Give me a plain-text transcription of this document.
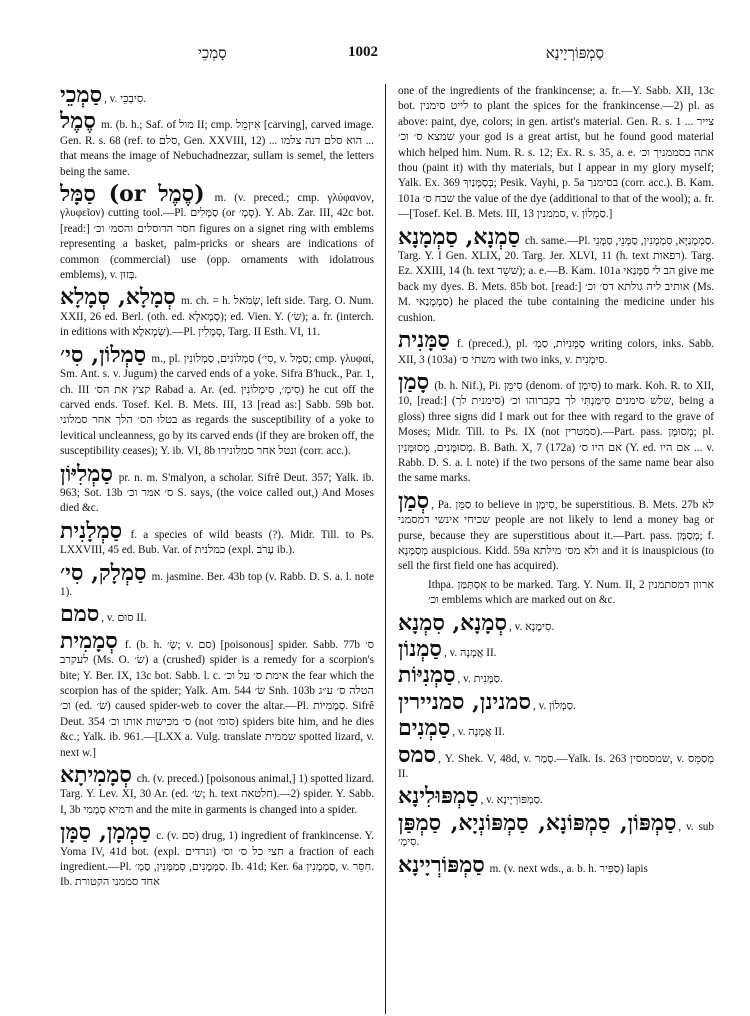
סָמְכֵי	1002	סַמְפּוֹרְיָינָא

סַמְכֵי , v. סִיבְכֵי.

סֶמֶל m. (b. h.; Saf. of מול II; cmp. אִיזְמֵל [carving], carved image. Gen. R. s. 68 (ref. to סלם, Gen. XXVIII, 12) ... הוא סלם דנה צלמו ... that means the image of Nebuchadnezzar, sullam is semel, the letters being the same.

סַמָּל (or סֶמֶל) m. (v. preced.; cmp. γλύφανον, γλυφεῖον) cutting tool.—Pl. סַמָּלִים (or סְמָ׳). Y. Ab. Zar. III, 42c bot. [read:] חסר הדוסלים והסמ׳ וכ׳ figures on a signet ring with emblems representing a basket, palm-pricks or shears are indications of common (commercial) use (opp. ornaments with idolatrous emblems), v. בְּזוּן.

סְמָלָא, סְמָלָא m. ch. = h. שְׂמֹאל, left side. Targ. O. Num. XXII, 26 ed. Berl. (oth. ed. סְמָאלָא); ed. Vien. Y. (שׂ׳); a. fr. (interch. in editions with שְׂמָאלָא).—Pl. סְמָלִין, Targ. II Esth. VI, 11.

סַמְלוֹן, סִי׳ m., pl. סַמְלוֹנִים, סַמְלוֹנִין (סִי׳, v. סַמָּל; cmp. γλυφαί, Sm. Ant. s. v. Jugum) the carved ends of a yoke. Sifra B'huck., Par. 1, ch. III קצץ את הס׳ Rabad a. Ar. (ed. סִימְ׳, סִימְלוֹנִין) he cut off the carved ends. Tosef. Kel. B. Mets. III, 13 [read as:] Sabb. 59b bot. בטלו הס׳ הלך אחר סמלוני as regards the susceptibility of a yoke to levitical uncleanness, go by its carved ends (if they are broken off, the susceptibility ceases); Y. ib. VI, 8b ונטל אחר סמלונירו (corr. acc.).

סַמְלִיּוֹן pr. n. m. S'malyon, a scholar. Sifrê Deut. 357; Yalk. ib. 963; Sot. 13b ס׳ אמר וכ׳ S. says, (the voice called out,) And Moses died &c.

סַמְלָנִית f. a species of wild beasts (?). Midr. Till. to Ps. LXXVIII, 45 ed. Bub. Var. of כמלנית (expl. עָרֹב ib.).

סַמְלָק, סִי׳ m. jasmine. Ber. 43b top (v. Rabb. D. S. a. l. note 1).

סמם , v. סוּם II.

סְמָמִית f. (b. h. שְׂ׳; v. סם) [poisonous] spider. Sabb. 77b ס׳ לעקרב (Ms. O. שׂ׳) a (crushed) spider is a remedy for a scorpion's bite; Y. Ber. IX, 13c bot. Sabb. l. c. אימת ס׳ על וכ׳ the fear which the scorpion has of the spider; Yalk. Am. 544 שׂ׳ Snh. 103b הטלה ס׳ ע״ג וכ׳ (ed. שׂ׳) caused spider-web to cover the altar.—Pl. סְמָמִיּוֹת. Sifrê Deut. 354 ס׳ מכישות אותו וכ׳ (not סומ׳) spiders bite him, and he dies &c.; Yalk. ib. 961.—[LXX a. Vulg. translate שממית spotted lizard, v. next w.]

סְמָמִיתָא ch. (v. preced.) [poisonous animal,] 1) spotted lizard. Targ. Y. Lev. XI, 30 Ar. (ed. שׂ׳; h. text חלטאה).—2) spider. Y. Sabb. I, 3b ודמיא סְמָמִי and the mite in garments is changed into a spider.

סַמְמָן, סַמָּן c. (v. סם) drug, 1) ingredient of frankincense. Y. Yoma IV, 41d bot. (expl. ונרדים) חצי כל ס׳ וס׳ a fraction of each ingredient.—Pl. סַמְמָנִים, סְמַמָּנִין, סַמְ׳. Ib. 41d; Ker. 6a סַמְמָנִין, v. חִסֵּר. Ib. אחד סממני הקטורת

one of the ingredients of the frankincense; a. fr.—Y. Sabb. XII, 13c bot. לייט סימנין to plant the spices for the frankincense.—2) pl. as above: paint, dye, colors; in gen. artist's material. Gen. R. s. 1 צייר ... שמצא ס׳ וכ׳ your god is a great artist, but he found good material which helped him. Num. R. s. 12; Ex. R. s. 35, a. e. אתה בסממניך וכ׳ thou (paint it) with thy materials, but I appear in my glory myself; Yalk. Ex. 369 בְּסַמָּנַיִךְ; Pesik. Vayhi, p. 5a בסימנך (corr. acc.). B. Kam. 101a שבח ס׳ the value of the dye (additional to that of the wool); a. fr.—[Tosef. Kel. B. Mets. III, 13 סממנין, v. סַמְלוֹן.]

סַמְנָא, סַמְמָנָא ch. same.—Pl. סַמְמָנַיָּא, סַמְמָנִין, סַמָּנֵי, סַמָּנֵי. Targ. Y. I Gen. XLIX, 20. Targ. Jer. XLVI, 11 (h. text רפאות). Targ. Ez. XXIII, 14 (h. text שׁשֵׁר); a. e.—B. Kam. 101a הב לי סַמָּנַאי give me back my dyes. B. Mets. 85b bot. [read:] אותיב ליה גולתא דס׳ וכ׳ (Ms. M. סַמְמָנַאי) he placed the tube containing the medicine under his cushion.

סַמָּנִית f. (preced.), pl. סַמָּנִיּוֹת, סַמְ׳ writing colors, inks. Sabb. XII, 3 (103a) משתי ס׳ with two inks, v. סִימָנִית.

סָמַן (b. h. Nif.), Pi. סִימֵּן (denom. of סִימָן) to mark. Koh. R. to XII, 10, [read:] שלש סימנים סִימַּנְתִּי לך בקברוהו וכ׳ (סימנית לך), being a gloss) three signs did I mark out for thee with regard to the grave of Moses; Midr. Till. to Ps. IX (not סמטרין).—Part. pass. מְסוּמָּן; pl. מְסוּמָּנִים, מְסוּמָּנִין. B. Bath. X, 7 (172a) אם היו ס׳ (Y. ed. אם היו ... v. Rabb. D. S. a. l. note) if the two persons of the same name bear also the same marks.

סְמַן , Pa. סַמֵּן to believe in סִימָן, be superstitious. B. Mets. 27b לא שכיחי אינשי דמסמני people are not likely to lend a money bag or purse, because they are superstitious about it.—Part. pass. מְסַמָּן; f. מְסַמְּנָא auspicious. Kidd. 59a ולא מס׳ מילתא and it is inauspicious (to sell the first field one has acquired).

Ithpa. אִסְתַּמַּן to be marked. Targ. Y. Num. II, 2 ארוון דמסתמנין וכ׳ emblems which are marked out on &c.

סְמָנָא, סִמְנָא , v. סִימָנָא.

סַמְנוֹן , v. אֲמָנָה II.

סַמְנִיּוֹת , v. סַמָּנִית.

סמנינן, סמניירין , v. סַמְלוֹן.

סַמְנִים , v. אֲמָנָה II.

סמס , Y. Shek. V, 48d, v. סָמַר.—Yalk. Is. 263 שמסמסין, v. מְסַמֵּס II.

סַמְפּוּלִינָא , v. סַמְפּוֹרְיָינָא.

סַמְפּוֹן, סַמְפּוֹנָא, סַמְפּוֹנְיָא, סַמְפַּן , v. sub סִימְ׳.

סַמְפּוֹרְיָינָא m. (v. next wds., a. b. h. סַפִּיר) lapis
